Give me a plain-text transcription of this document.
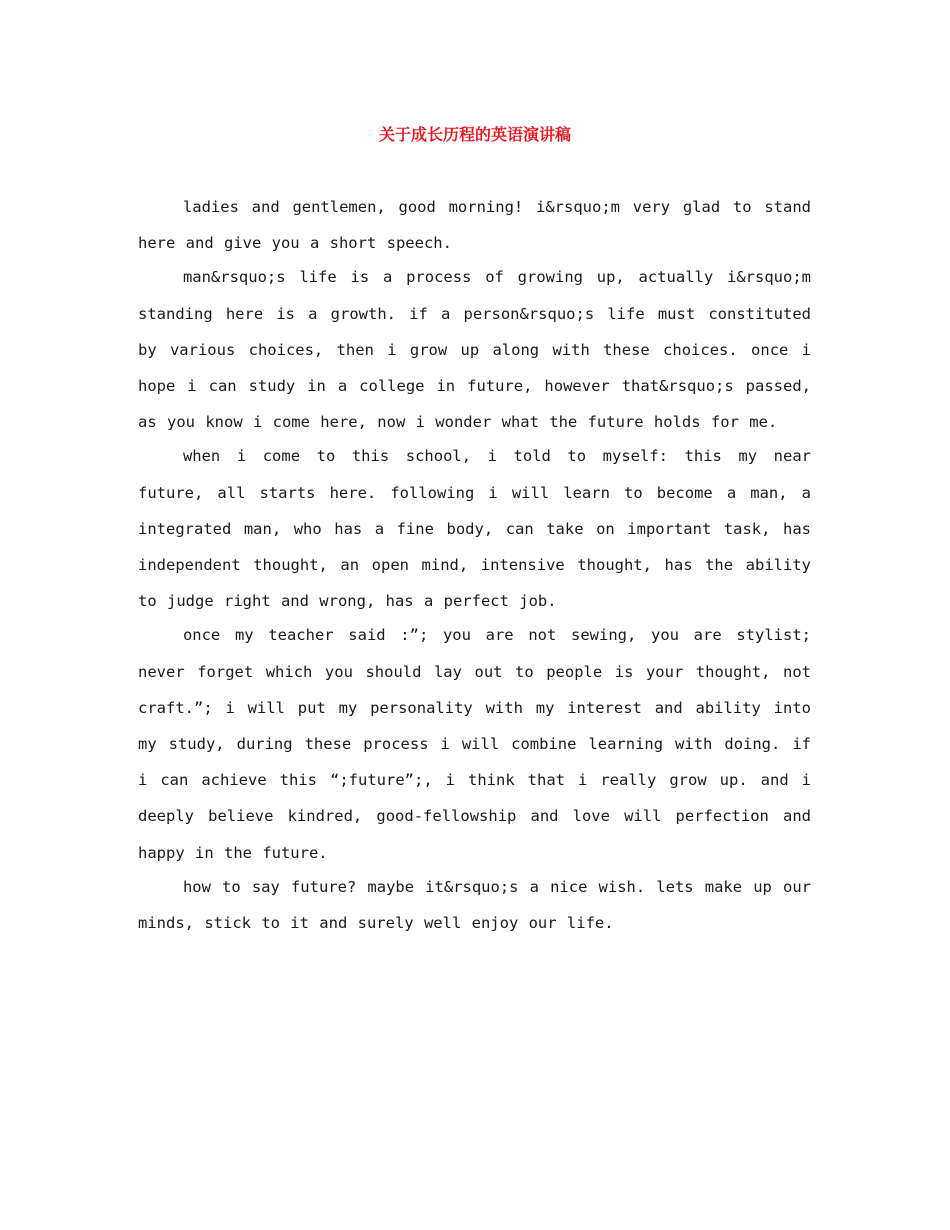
关于成长历程的英语演讲稿

ladies and gentlemen, good morning! i&rsquo;m very glad to stand here and give you a short speech.

man&rsquo;s life is a process of growing up, actually i&rsquo;m standing here is a growth. if a person&rsquo;s life must constituted by various choices, then i grow up along with these choices. once i hope i can study in a college in future, however that&rsquo;s passed, as you know i come here, now i wonder what the future holds for me.

when i come to this school, i told to myself: this my near future, all starts here. following i will learn to become a man, a integrated man, who has a fine body, can take on important task, has independent thought, an open mind, intensive thought, has the ability to judge right and wrong, has a perfect job.

once my teacher said :”; you are not sewing, you are stylist; never forget which you should lay out to people is your thought, not craft.”; i will put my personality with my interest and ability into my study, during these process i will combine learning with doing. if i can achieve this “;future”;, i think that i really grow up. and i deeply believe kindred, good-fellowship and love will perfection and happy in the future.

how to say future? maybe it&rsquo;s a nice wish. lets make up our minds, stick to it and surely well enjoy our life.
